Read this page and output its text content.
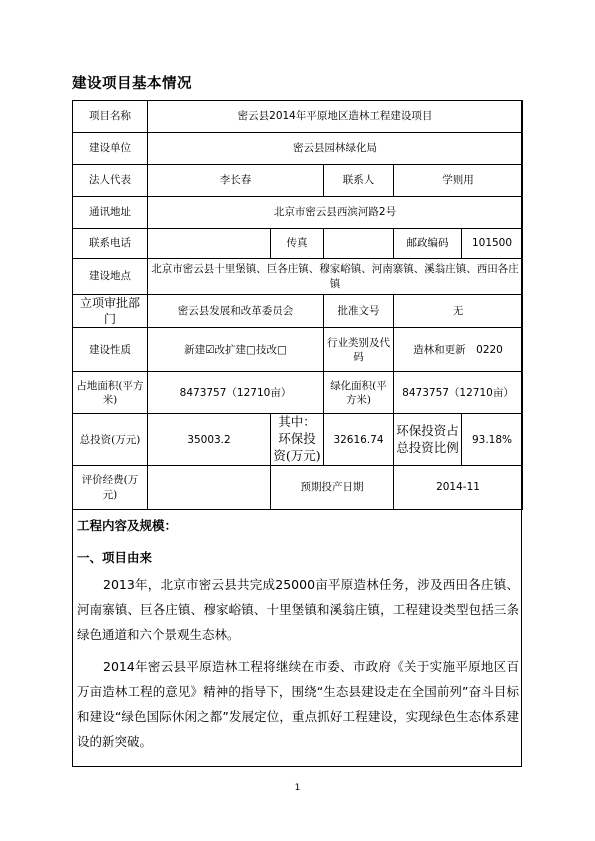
建设项目基本情况
项目名称	密云县2014年平原地区造林工程建设项目				
建设单位	密云县园林绿化局				
法人代表	李长春		联系人	学则用	
通讯地址	北京市密云县西滨河路2号				
联系电话		传真		邮政编码	101500
建设地点	北京市密云县十里堡镇、巨各庄镇、穆家峪镇、河南寨镇、溪翁庄镇、西田各庄镇				
立项审批部门	密云县发展和改革委员会		批准文号	无	
建设性质	新建☑改扩建□技改□		行业类别及代码	造林和更新　0220	
占地面积(平方米)	8473757（12710亩）		绿化面积(平方米)	8473757（12710亩）	
总投资(万元)	35003.2	其中：环保投资(万元)	32616.74	环保投资占总投资比例	93.18%
评价经费(万元)		预期投产日期		2014-11	
工程内容及规模：
一、项目由来

2013年，北京市密云县共完成25000亩平原造林任务，涉及西田各庄镇、河南寨镇、巨各庄镇、穆家峪镇、十里堡镇和溪翁庄镇，工程建设类型包括三条绿色通道和六个景观生态林。

2014年密云县平原造林工程将继续在市委、市政府《关于实施平原地区百万亩造林工程的意见》精神的指导下，围绕“生态县建设走在全国前列”奋斗目标和建设“绿色国际休闲之都”发展定位，重点抓好工程建设，实现绿色生态体系建设的新突破。

1
